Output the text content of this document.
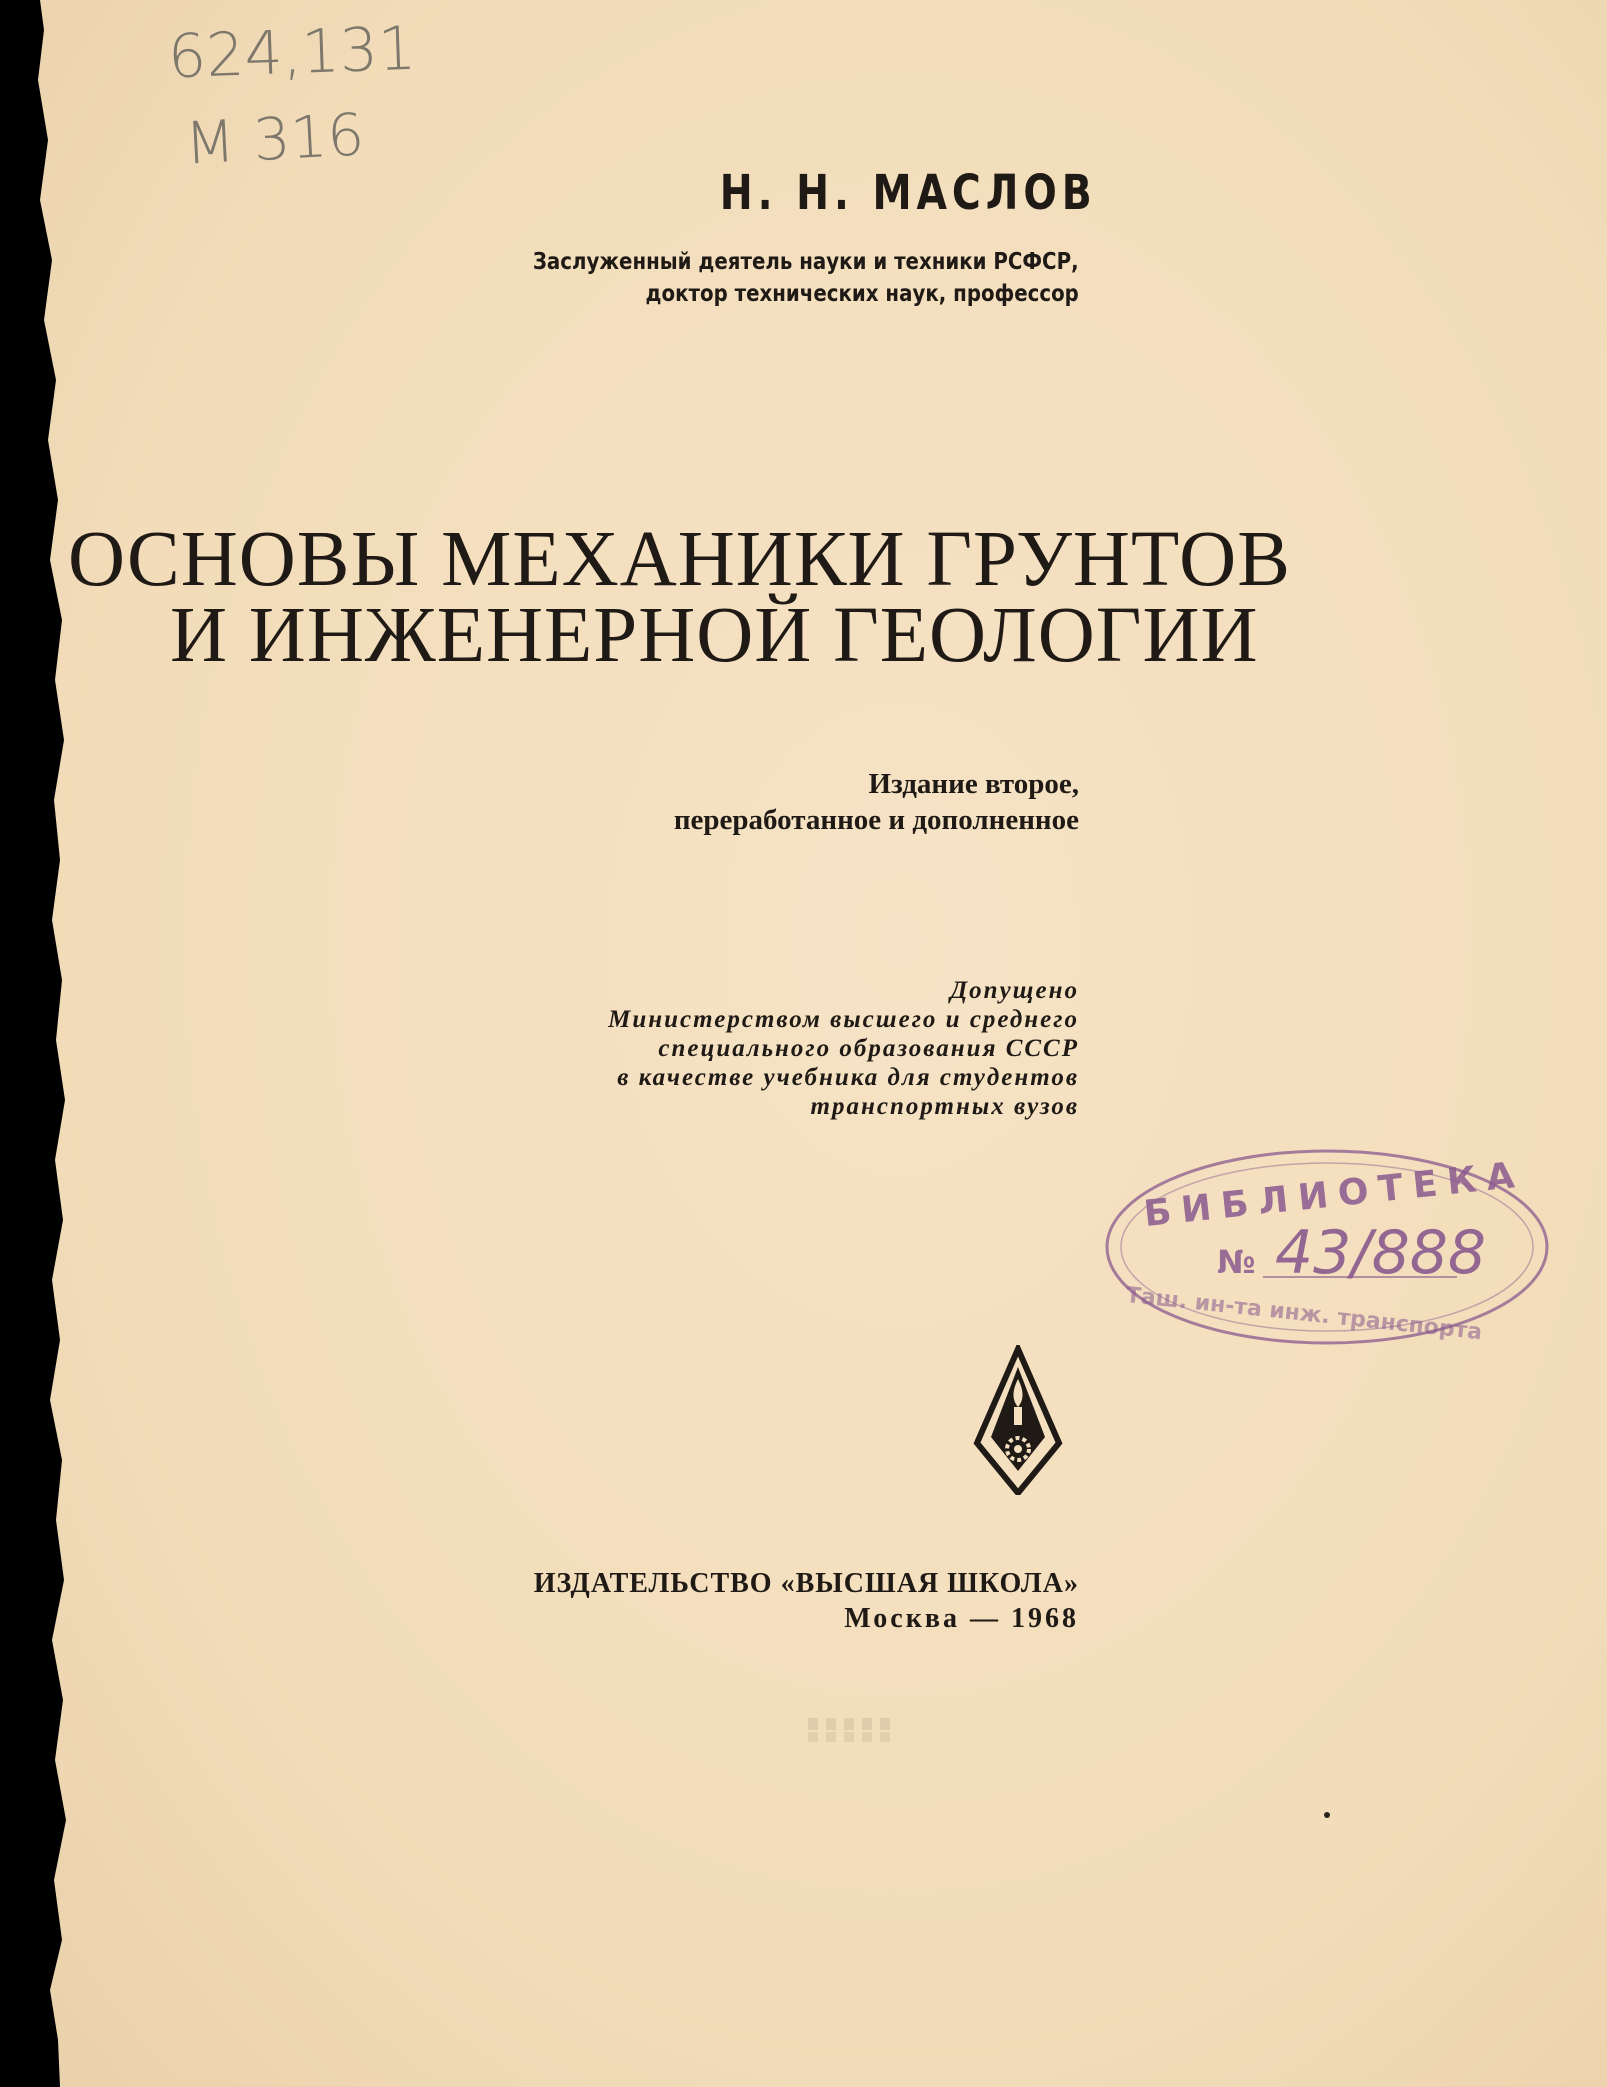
624,131
M 316
Н. Н. МАСЛОВ
Заслуженный деятель науки и техники РСФСР,
доктор технических наук, профессор
ОСНОВЫ МЕХАНИКИ ГРУНТОВ
И ИНЖЕНЕРНОЙ ГЕОЛОГИИ
Издание второе,
переработанное и дополненное
Допущено
Министерством высшего и среднего
специального образования СССР
в качестве учебника для студентов
транспортных вузов
БИБЛИОТЕКА
№ 43/888
Таш. ин-та инж. транспорта
ИЗДАТЕЛЬСТВО «ВЫСШАЯ ШКОЛА»
Москва — 1968
